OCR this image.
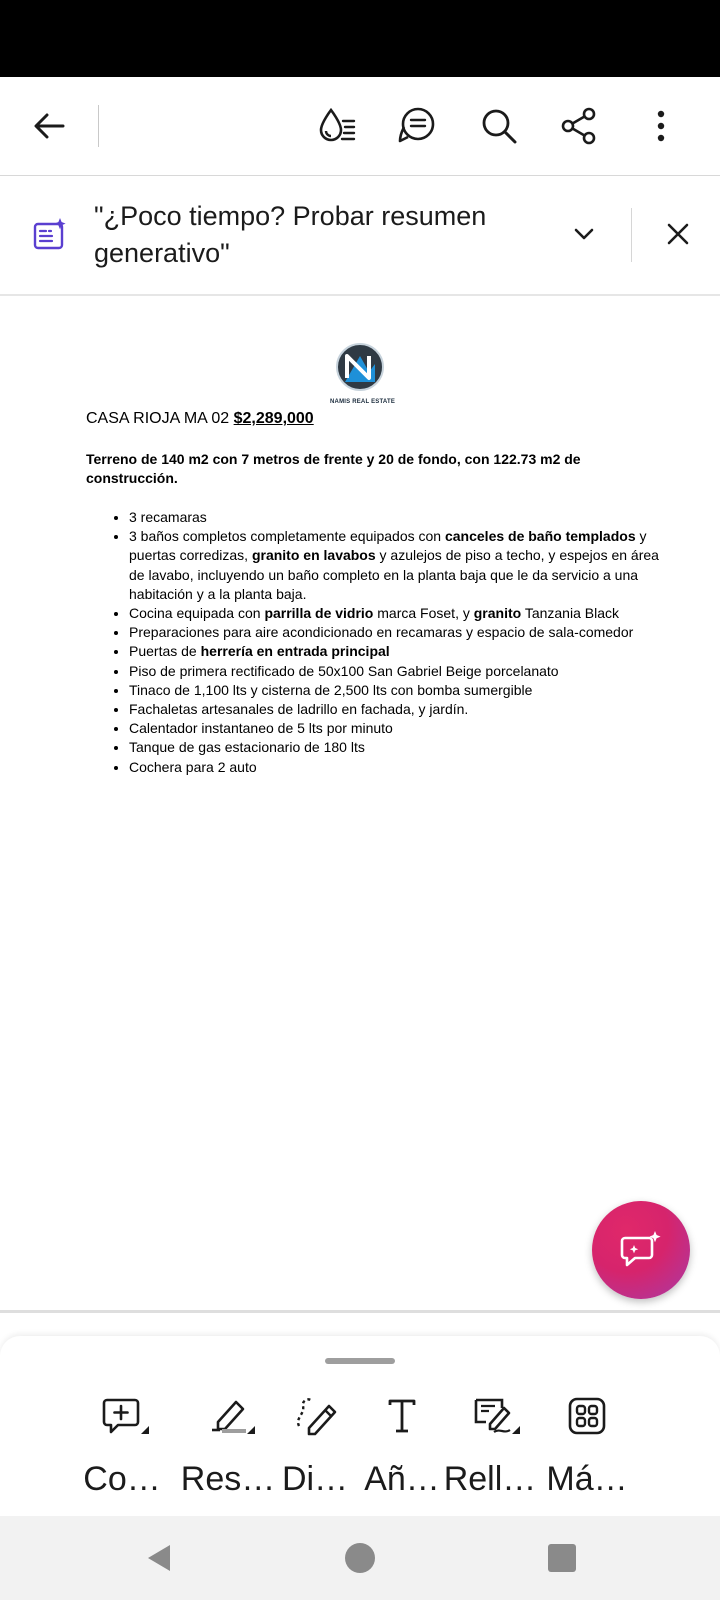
"¿Poco tiempo? Probar resumen generativo"
NAMIS REAL ESTATE
CASA RIOJA MA 02 $2,289,000
Terreno de 140 m2 con 7 metros de frente y 20 de fondo, con 122.73 m2 de construcción.
• 3 recamaras
• 3 baños completos completamente equipados con canceles de baño templados y puertas corredizas, granito en lavabos y azulejos de piso a techo, y espejos en área de lavabo, incluyendo un baño completo en la planta baja que le da servicio a una habitación y a la planta baja.
• Cocina equipada con parrilla de vidrio marca Foset, y granito Tanzania Black
• Preparaciones para aire acondicionado en recamaras y espacio de sala-comedor
• Puertas de herrería en entrada principal
• Piso de primera rectificado de 50x100 San Gabriel Beige porcelanato
• Tinaco de 1,100 lts y cisterna de 2,500 lts con bomba sumergible
• Fachaletas artesanales de ladrillo en fachada, y jardín.
• Calentador instantaneo de 5 lts por minuto
• Tanque de gas estacionario de 180 lts
• Cochera para 2 auto
Co… Res… Di… Añ… Rell… Má…
